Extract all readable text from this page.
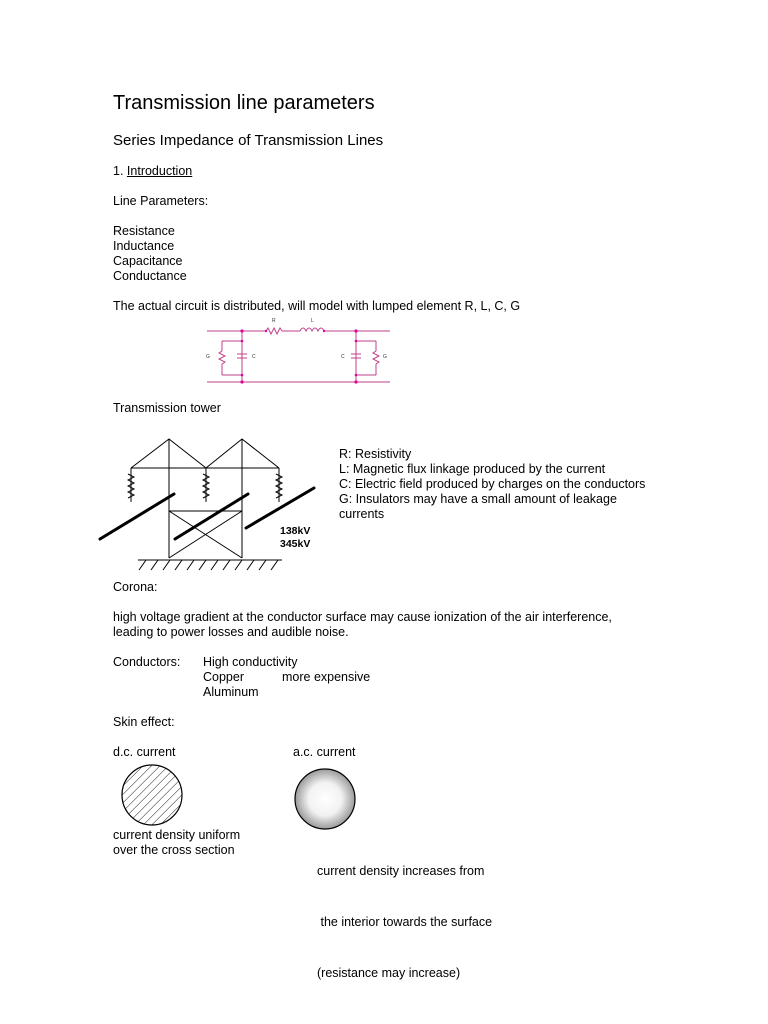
Transmission line parameters
Series Impedance of Transmission Lines
1. Introduction
Line Parameters:
Resistance
Inductance
Capacitance
Conductance
The actual circuit is distributed, will model with lumped element R, L, C, G
R	L
C
G	C	G
Transmission tower
138kV
345kV
R: Resistivity
L: Magnetic flux linkage produced by the current
C: Electric field produced by charges on the conductors
G: Insulators may have a small amount of leakage
currents
Corona:
high voltage gradient at the conductor surface may cause ionization of the air interference,
leading to power losses and audible noise.
Conductors: High conductivity
Copper	more expensive
Aluminum
Skin effect:
d.c. current	a.c. current
current density uniform
over the cross section

current density increases from

the interior towards the surface

(resistance may increase)
